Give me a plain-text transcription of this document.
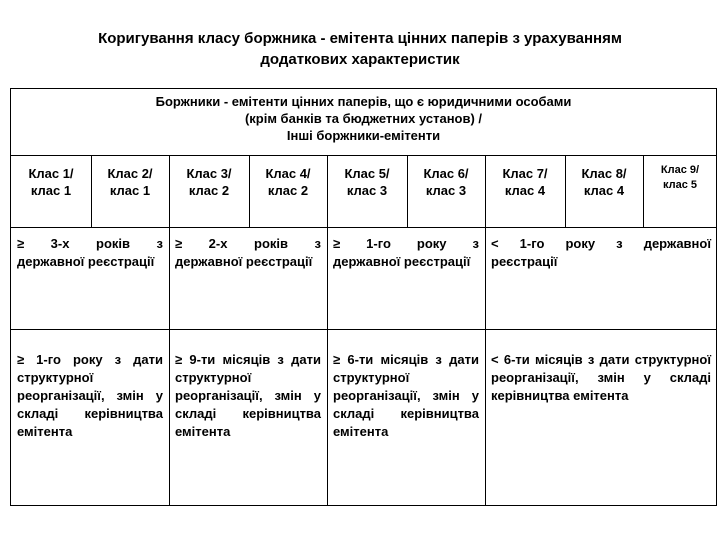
Коригування класу боржника - емітента цінних паперів з урахуванням
додаткових характеристик
Боржники - емітенти цінних паперів, що є юридичними особами
(крім банків та бюджетних установ) /
Інші боржники-емітенти
Клас 1/
клас 1
Клас 2/
клас 1
Клас 3/
клас 2
Клас 4/
клас 2
Клас 5/
клас 3
Клас 6/
клас 3
Клас 7/
клас 4
Клас 8/
клас 4
Клас 9/
клас 5
≥ 3-х років з державної реєстрації
≥ 2-х років з державної реєстрації
≥ 1-го року з державної реєстрації
< 1-го року з державної реєстрації
≥ 1-го року з дати структурної реорганізації, змін у складі керівництва емітента
≥ 9-ти місяців з дати структурної реорганізації, змін у складі керівництва емітента
≥ 6-ти місяців з дати структурної реорганізації, змін у складі керівництва емітента
< 6-ти місяців з дати структурної реорганізації, змін у складі керівництва емітента
